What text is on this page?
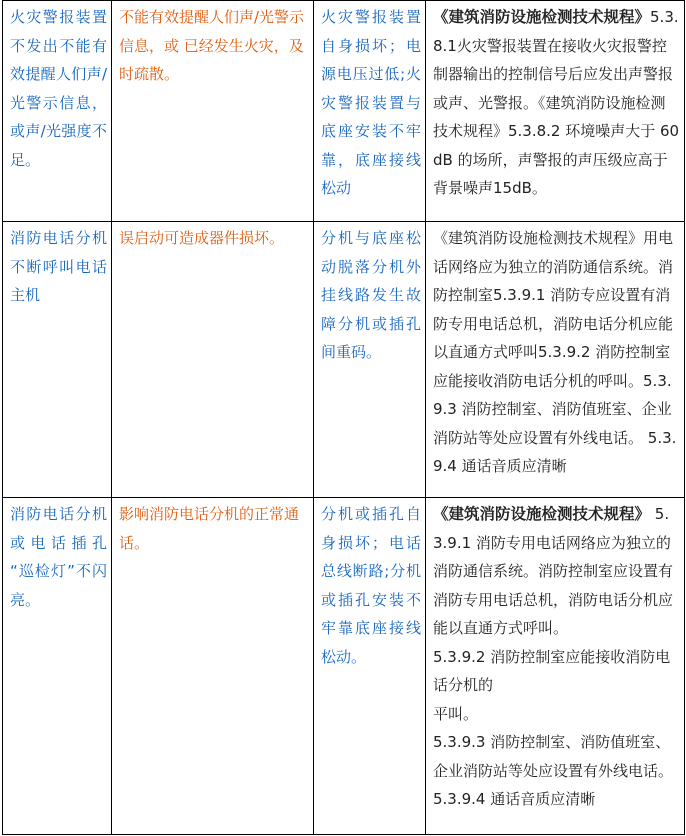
火灾警报装置不发出不能有效提醒人们声/光警示信息，或声/光强度不足。	不能有效提醒人们声/光警示信息，或 已经发生火灾，及时疏散。	火灾警报装置自身损坏；电源电压过低;火灾警报装置与底座安装不牢靠，底座接线松动	《建筑消防设施检测技术规程》5.3.8.1火灾警报装置在接收火灾报警控制器输出的控制信号后应发出声警报或声、光警报。《建筑消防设施检测技术规程》5.3.8.2 环境噪声大于 60dB 的场所，声警报的声压级应高于背景噪声15dB。

消防电话分机不断呼叫电话主机	误启动可造成器件损坏。	分机与底座松动脱落分机外挂线路发生故障分机或插孔间重码。	《建筑消防设施检测技术规程》用电话网络应为独立的消防通信系统。消防控制室5.3.9.1 消防专应设置有消防专用电话总机，消防电话分机应能以直通方式呼叫5.3.9.2 消防控制室应能接收消防电话分机的呼叫。5.3.9.3 消防控制室、消防值班室、企业消防站等处应设置有外线电话。 5.3.9.4 通话音质应清晰

消防电话分机或电话插孔 “巡检灯”不闪亮。	影响消防电话分机的正常通话。	分机或插孔自身损坏；电话总线断路;分机或插孔安装不牢靠底座接线松动。	《建筑消防设施检测技术规程》 5.3.9.1 消防专用电话网络应为独立的消防通信系统。消防控制室应设置有消防专用电话总机，消防电话分机应能以直通方式呼叫。
5.3.9.2 消防控制室应能接收消防电话分机的
平叫。
5.3.9.3 消防控制室、消防值班室、企业消防站等处应设置有外线电话。 5.3.9.4 通话音质应清晰
